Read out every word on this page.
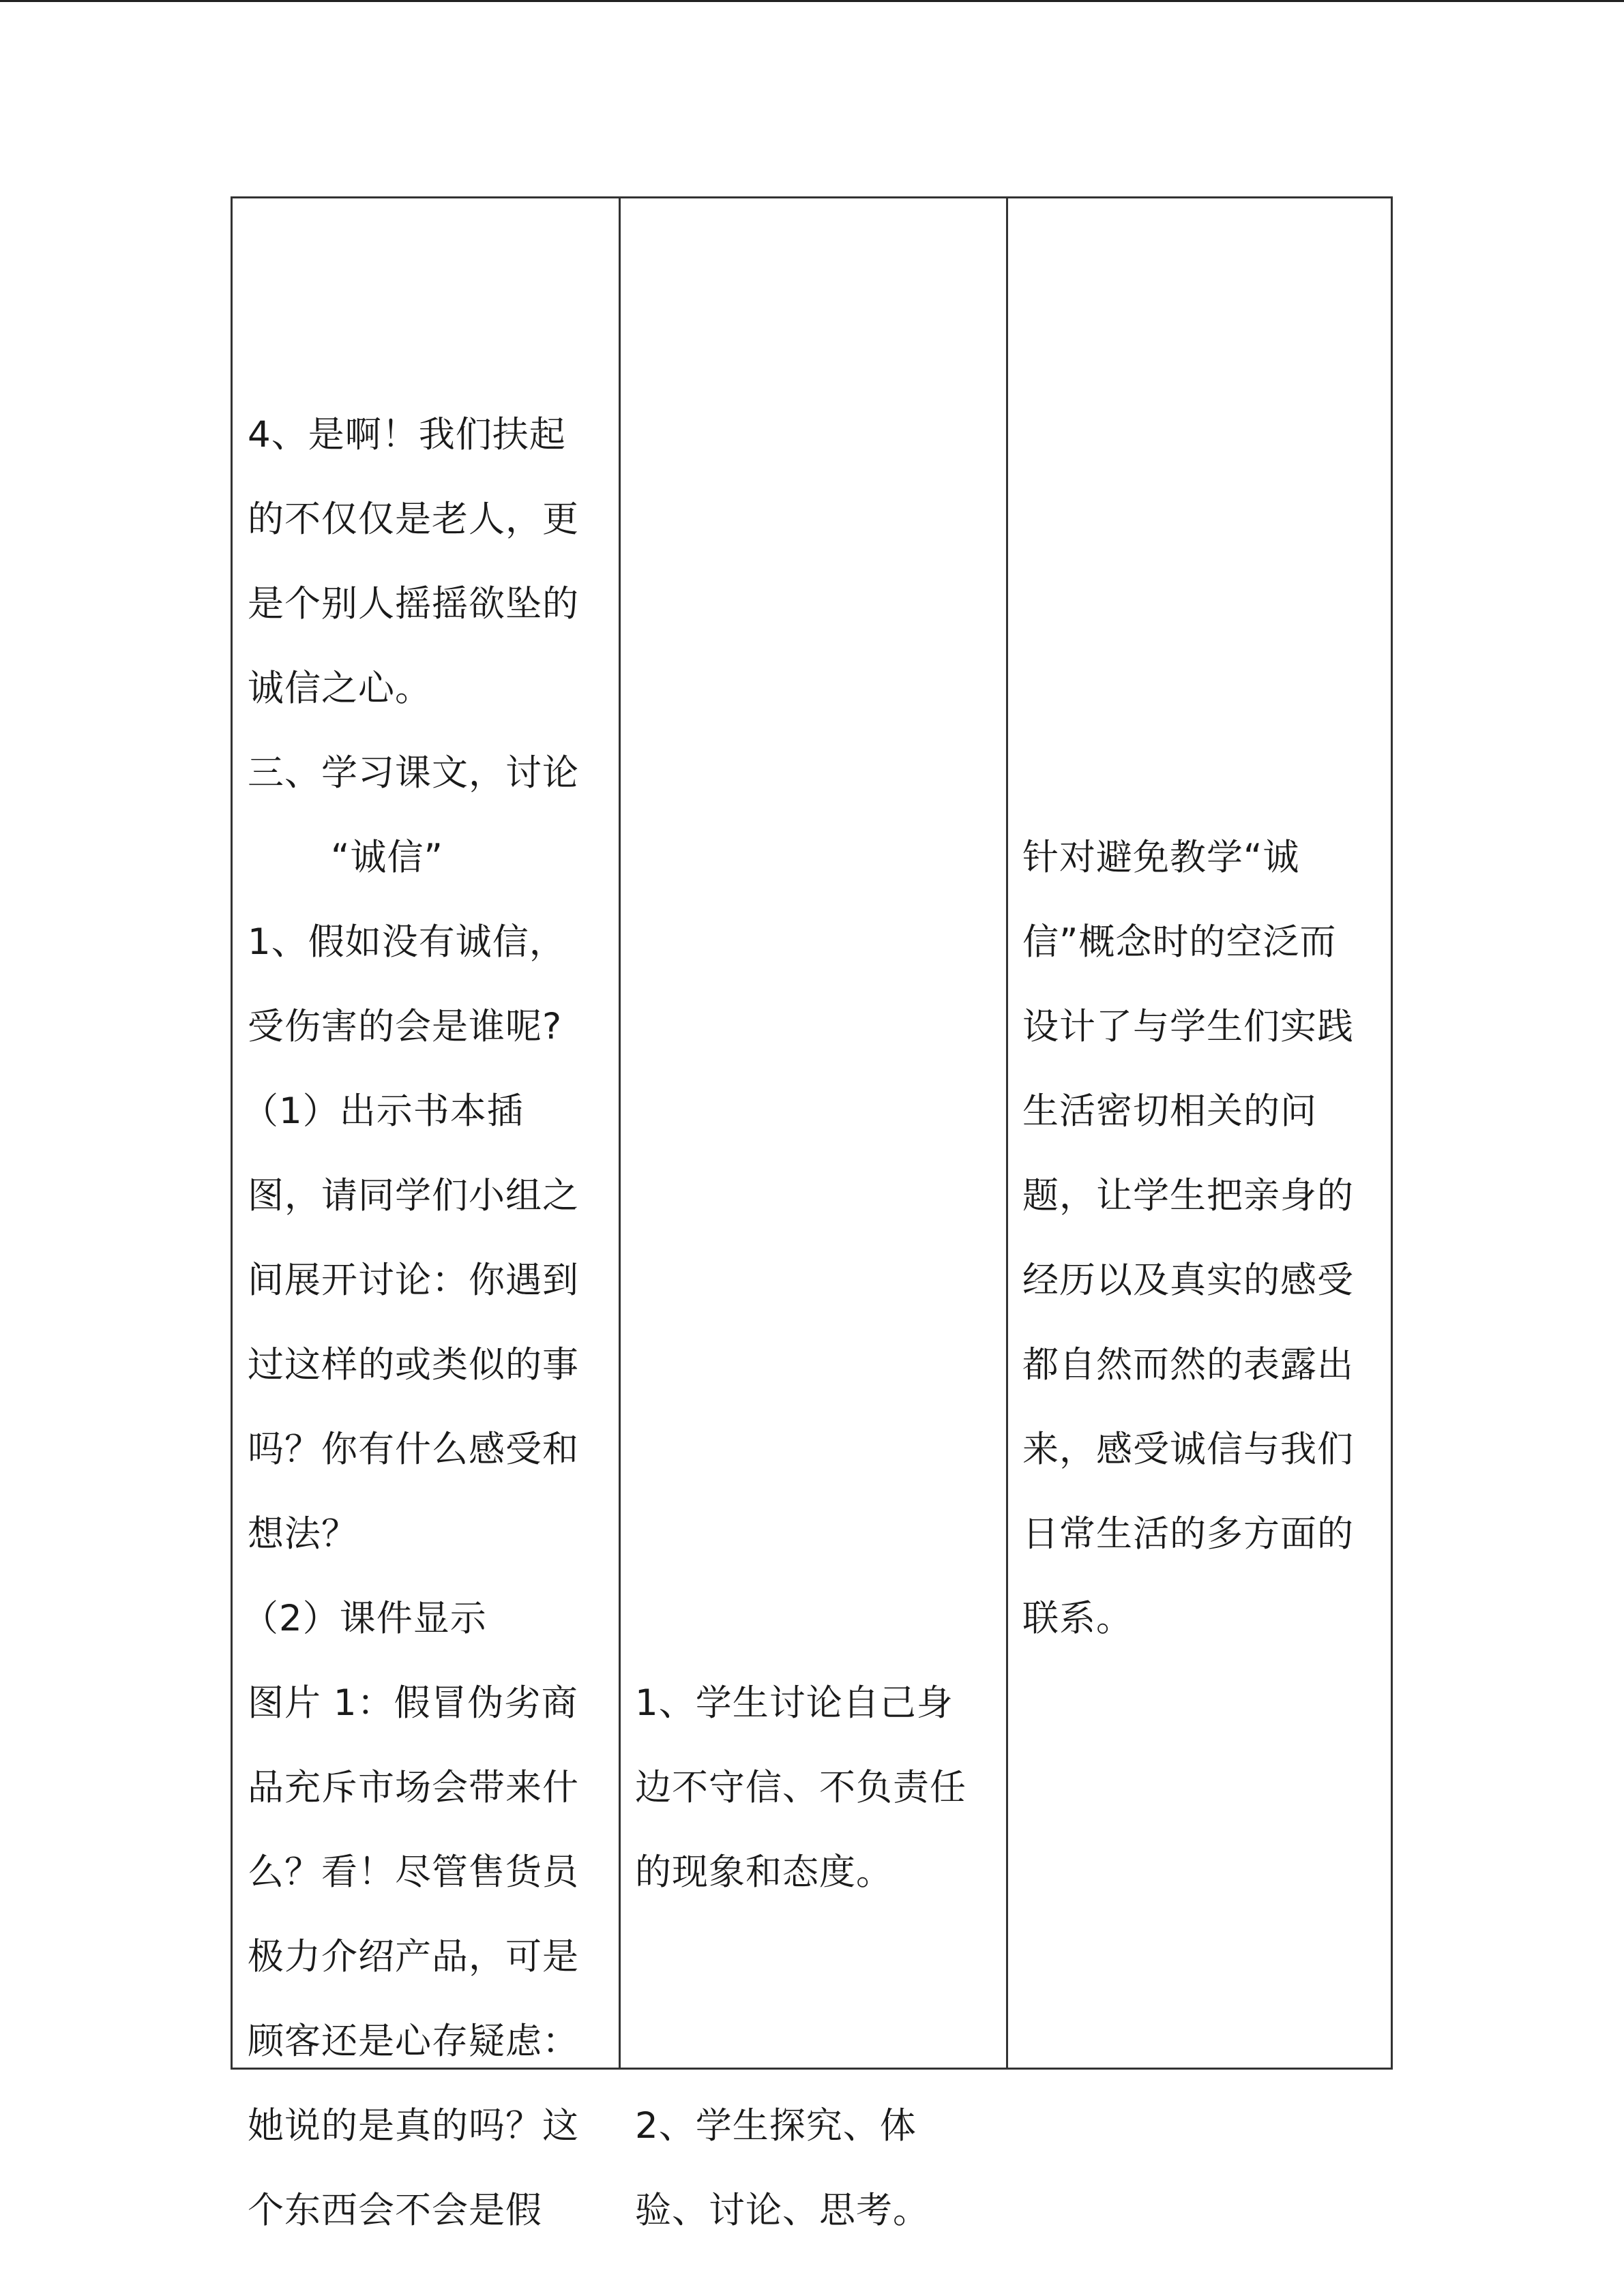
4、是啊！我们扶起
的不仅仅是老人，更
是个别人摇摇欲坠的
诚信之心。
三、学习课文，讨论
“诚信”
1、假如没有诚信，
受伤害的会是谁呢?
（1）出示书本插
图，请同学们小组之
间展开讨论：你遇到
过这样的或类似的事
吗？你有什么感受和
想法？
（2）课件显示
图片 1：假冒伪劣商
品充斥市场会带来什
么？看！尽管售货员
极力介绍产品，可是
顾客还是心存疑虑：
她说的是真的吗？这
个东西会不会是假
1、学生讨论自己身
边不守信、不负责任
的现象和态度。
2、学生探究、体
验、讨论、思考。
针对避免教学“诚
信”概念时的空泛而
设计了与学生们实践
生活密切相关的问
题，让学生把亲身的
经历以及真实的感受
都自然而然的表露出
来，感受诚信与我们
日常生活的多方面的
联系。
